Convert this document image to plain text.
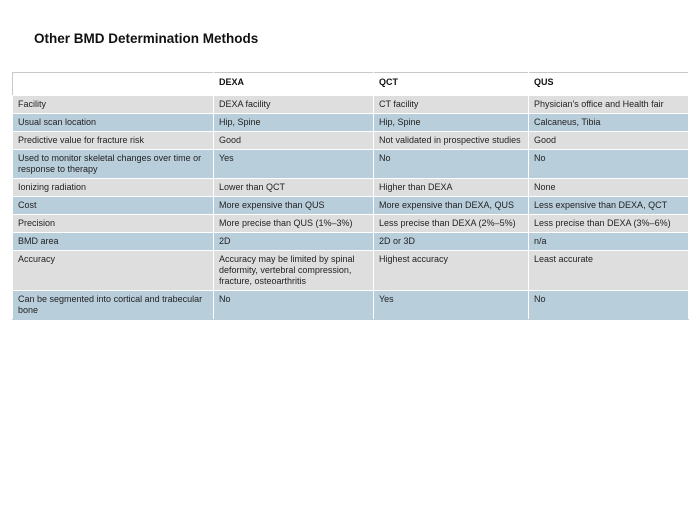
Other BMD Determination Methods
	DEXA	QCT	QUS
Facility	DEXA facility	CT facility	Physician's office and Health fair
Usual scan location	Hip, Spine	Hip, Spine	Calcaneus, Tibia
Predictive value for fracture risk	Good	Not validated in prospective studies	Good
Used to monitor skeletal changes over time or response to therapy	Yes	No	No
Ionizing radiation	Lower than QCT	Higher than DEXA	None
Cost	More expensive than QUS	More expensive than DEXA, QUS	Less expensive than DEXA, QCT
Precision	More precise than QUS (1%–3%)	Less precise than DEXA (2%–5%)	Less precise than DEXA (3%–6%)
BMD area	2D	2D or 3D	n/a
Accuracy	Accuracy may be limited by spinal deformity, vertebral compression, fracture, osteoarthritis	Highest accuracy	Least accurate
Can be segmented into cortical and trabecular bone	No	Yes	No
